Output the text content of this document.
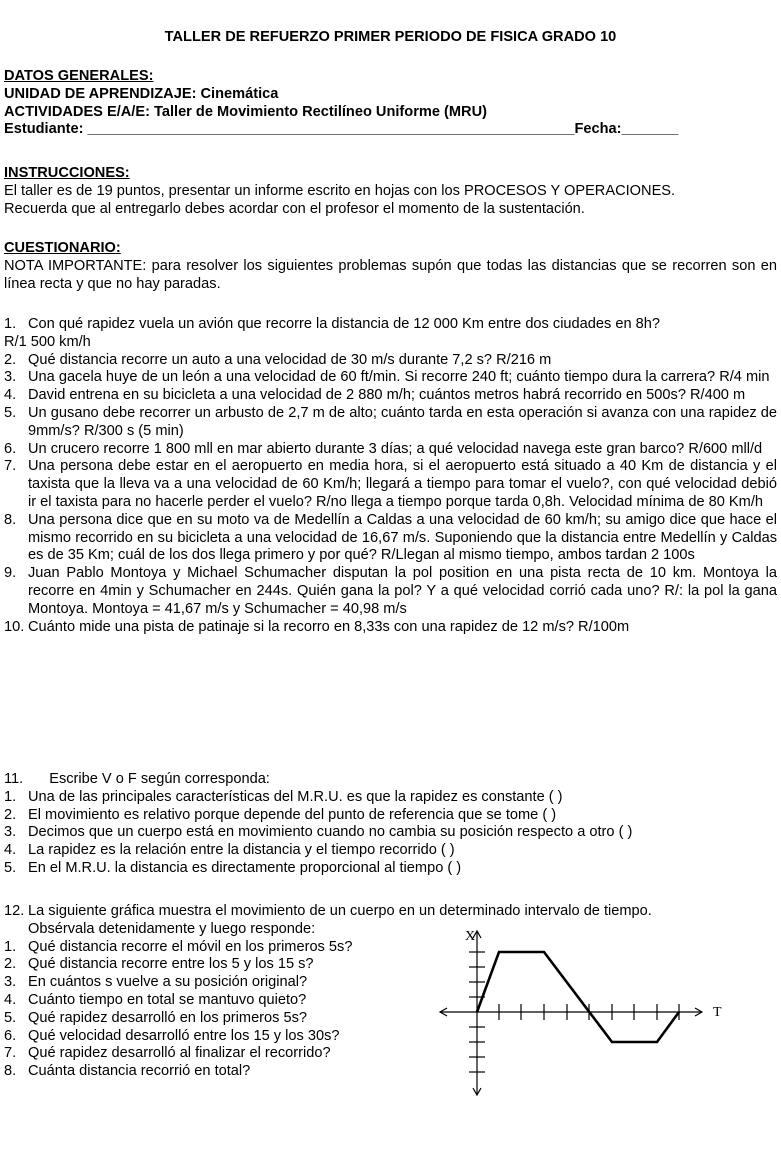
TALLER DE REFUERZO PRIMER PERIODO DE FISICA GRADO 10
DATOS GENERALES:
UNIDAD DE APRENDIZAJE: Cinemática
ACTIVIDADES E/A/E: Taller de Movimiento Rectilíneo Uniforme (MRU)
Estudiante: ____________________________________________________________Fecha:_______
INSTRUCCIONES:
El taller es de 19 puntos, presentar un informe escrito en hojas con los PROCESOS Y OPERACIONES.
Recuerda que al entregarlo debes acordar con el profesor el momento de la sustentación.
CUESTIONARIO:
NOTA IMPORTANTE: para resolver los siguientes problemas supón que todas las distancias que se recorren son en línea recta y que no hay paradas.
1. Con qué rapidez vuela un avión que recorre la distancia de 12 000 Km entre dos ciudades en 8h?
R/1 500 km/h
2. Qué distancia recorre un auto a una velocidad de 30 m/s durante 7,2 s? R/216 m
3. Una gacela huye de un león a una velocidad de 60 ft/min. Si recorre 240 ft; cuánto tiempo dura la carrera? R/4 min
4. David entrena en su bicicleta a una velocidad de 2 880 m/h; cuántos metros habrá recorrido en 500s? R/400 m
5. Un gusano debe recorrer un arbusto de 2,7 m de alto; cuánto tarda en esta operación si avanza con una rapidez de 9mm/s? R/300 s (5 min)
6. Un crucero recorre 1 800 mll en mar abierto durante 3 días; a qué velocidad navega este gran barco? R/600 mll/d
7. Una persona debe estar en el aeropuerto en media hora, si el aeropuerto está situado a 40 Km de distancia y el taxista que la lleva va a una velocidad de 60 Km/h; llegará a tiempo para tomar el vuelo?, con qué velocidad debió ir el taxista para no hacerle perder el vuelo? R/no llega a tiempo porque tarda 0,8h. Velocidad mínima de 80 Km/h
8. Una persona dice que en su moto va de Medellín a Caldas a una velocidad de 60 km/h; su amigo dice que hace el mismo recorrido en su bicicleta a una velocidad de 16,67 m/s. Suponiendo que la distancia entre Medellín y Caldas es de 35 Km; cuál de los dos llega primero y por qué? R/Llegan al mismo tiempo, ambos tardan 2 100s
9. Juan Pablo Montoya y Michael Schumacher disputan la pol position en una pista recta de 10 km. Montoya la recorre en 4min y Schumacher en 244s. Quién gana la pol? Y a qué velocidad corrió cada uno? R/: la pol la gana Montoya. Montoya = 41,67 m/s y Schumacher = 40,98 m/s
10. Cuánto mide una pista de patinaje si la recorro en 8,33s con una rapidez de 12 m/s? R/100m
11. Escribe V o F según corresponda:
1. Una de las principales características del M.R.U. es que la rapidez es constante ( )
2. El movimiento es relativo porque depende del punto de referencia que se tome ( )
3. Decimos que un cuerpo está en movimiento cuando no cambia su posición respecto a otro ( )
4. La rapidez es la relación entre la distancia y el tiempo recorrido ( )
5. En el M.R.U. la distancia es directamente proporcional al tiempo ( )
12. La siguiente gráfica muestra el movimiento de un cuerpo en un determinado intervalo de tiempo.
Obsérvala detenidamente y luego responde:
1. Qué distancia recorre el móvil en los primeros 5s?
2. Qué distancia recorre entre los 5 y los 15 s?
3. En cuántos s vuelve a su posición original?
4. Cuánto tiempo en total se mantuvo quieto?
5. Qué rapidez desarrolló en los primeros 5s?
6. Qué velocidad desarrolló entre los 15 y los 30s?
7. Qué rapidez desarrolló al finalizar el recorrido?
8. Cuánta distancia recorrió en total?
X
T
